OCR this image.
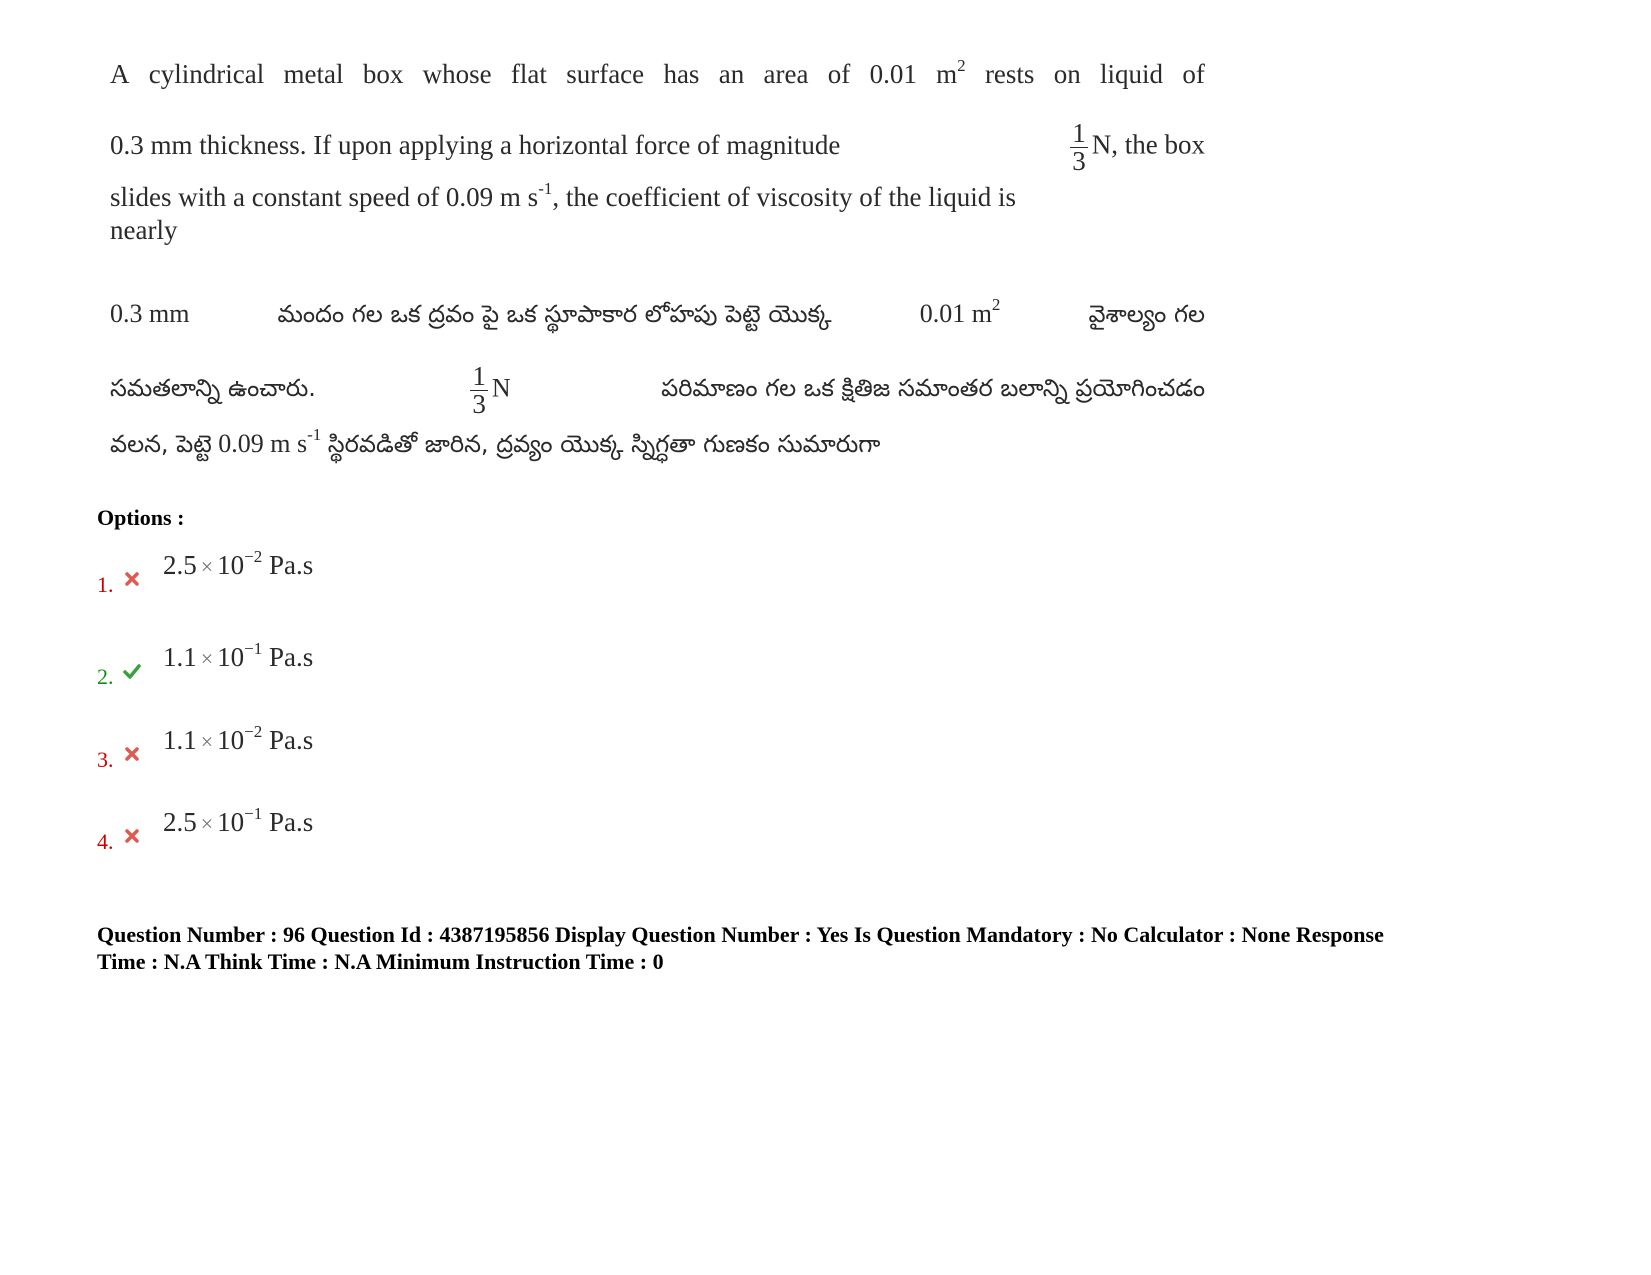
A cylindrical metal box whose flat surface has an area of 0.01 $m^2$ rests on liquid of
0.3 mm thickness. If upon applying a horizontal force of magnitude	$\frac{1}{3} N$, the box
slides with a constant speed of 0.09 m $s^{-1}$, the coefficient of viscosity of the liquid is
nearly
0.3 mm	మందం గల ఒక ద్రవం పై ఒక స్థూపాకార లోహపు పెట్టె యొక్క	0.01 $m^2$	వైశాల్యం గల
సమతలాన్ని ఉంచారు.	$\frac{1}{3}$ N	పరిమాణం గల ఒక క్షితిజ సమాంతర బలాన్ని ప్రయోగించడం
వలన, పెట్టె 0.09 m $s^{-1}$ స్థిరవడితో జారిన, ద్రవ్యం యొక్క స్నిగ్ధతా గుణకం సుమారుగా
Options :
1.
$2.5 \times 10^{-2}$ Pa.s
2.
$1.1 \times 10^{-1}$ Pa.s
3.
$1.1 \times 10^{-2}$ Pa.s
4.
$2.5 \times 10^{-1}$ Pa.s
Question Number : 96 Question Id : 4387195856 Display Question Number : Yes Is Question Mandatory : No Calculator : None Response
Time : N.A Think Time : N.A Minimum Instruction Time : 0
